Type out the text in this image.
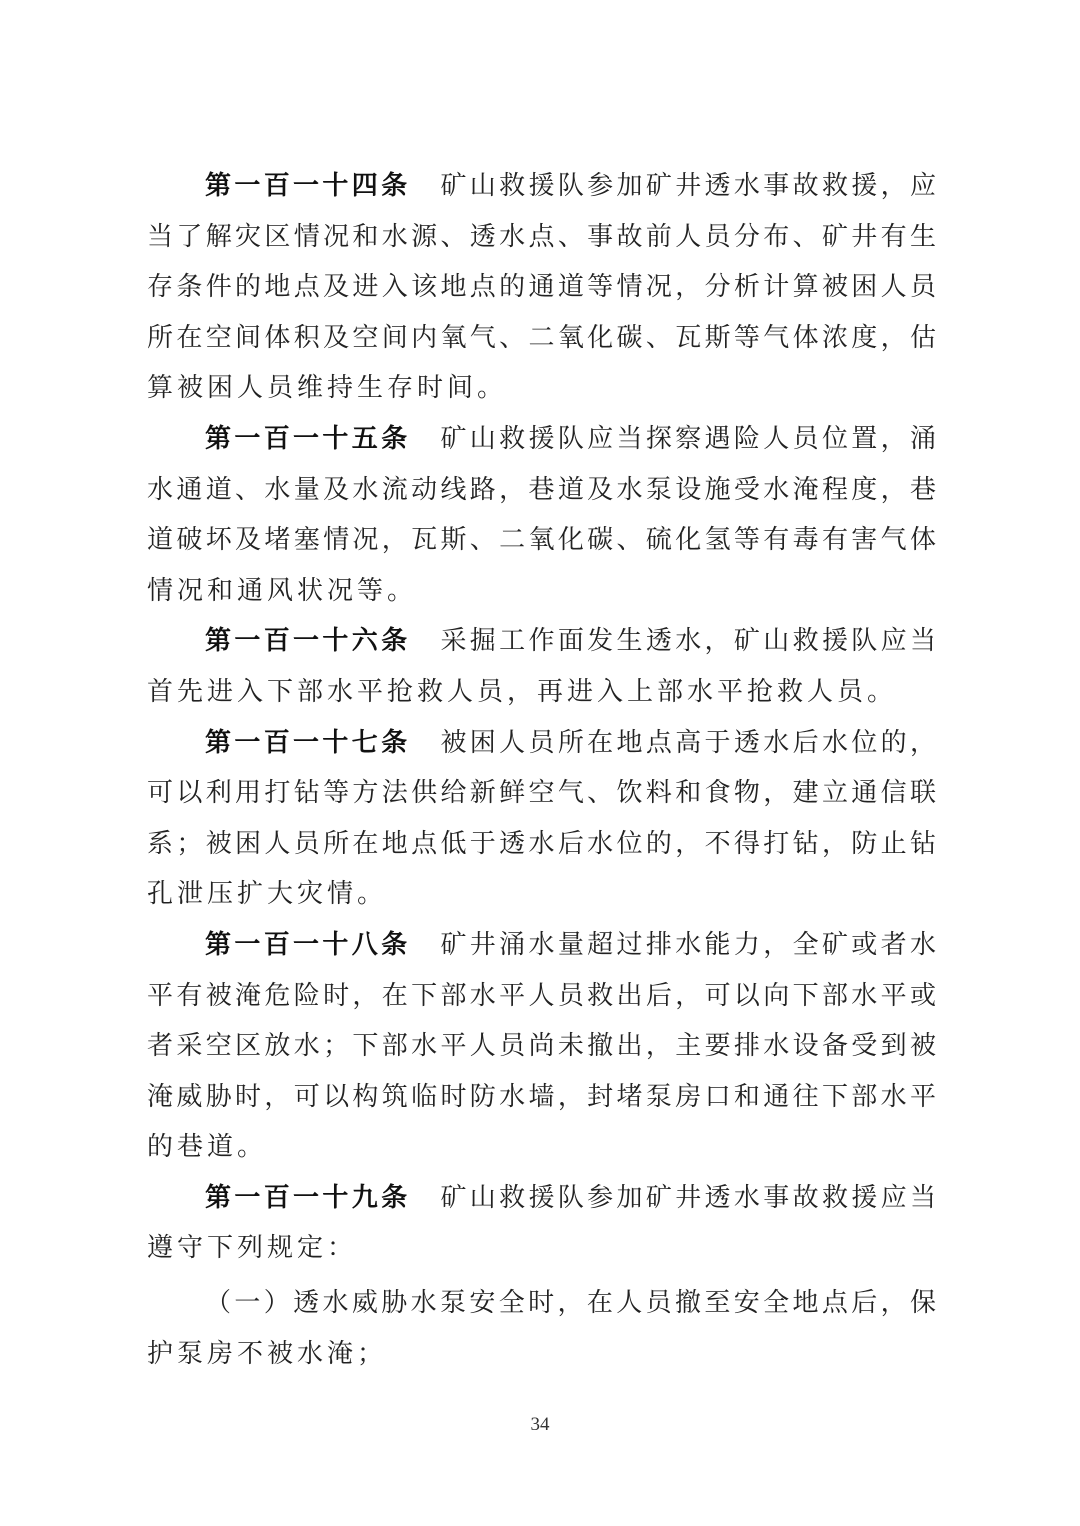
第一百一十四条 矿山救援队参加矿井透水事故救援，应
当了解灾区情况和水源、透水点、事故前人员分布、矿井有生
存条件的地点及进入该地点的通道等情况，分析计算被困人员
所在空间体积及空间内氧气、二氧化碳、瓦斯等气体浓度，估
算被困人员维持生存时间。
第一百一十五条 矿山救援队应当探察遇险人员位置，涌
水通道、水量及水流动线路，巷道及水泵设施受水淹程度，巷
道破坏及堵塞情况，瓦斯、二氧化碳、硫化氢等有毒有害气体
情况和通风状况等。
第一百一十六条 采掘工作面发生透水，矿山救援队应当
首先进入下部水平抢救人员，再进入上部水平抢救人员。
第一百一十七条 被困人员所在地点高于透水后水位的，
可以利用打钻等方法供给新鲜空气、饮料和食物，建立通信联
系；被困人员所在地点低于透水后水位的，不得打钻，防止钻
孔泄压扩大灾情。
第一百一十八条 矿井涌水量超过排水能力，全矿或者水
平有被淹危险时，在下部水平人员救出后，可以向下部水平或
者采空区放水；下部水平人员尚未撤出，主要排水设备受到被
淹威胁时，可以构筑临时防水墙，封堵泵房口和通往下部水平
的巷道。
第一百一十九条 矿山救援队参加矿井透水事故救援应当
遵守下列规定：
（一）透水威胁水泵安全时，在人员撤至安全地点后，保
护泵房不被水淹；
34
